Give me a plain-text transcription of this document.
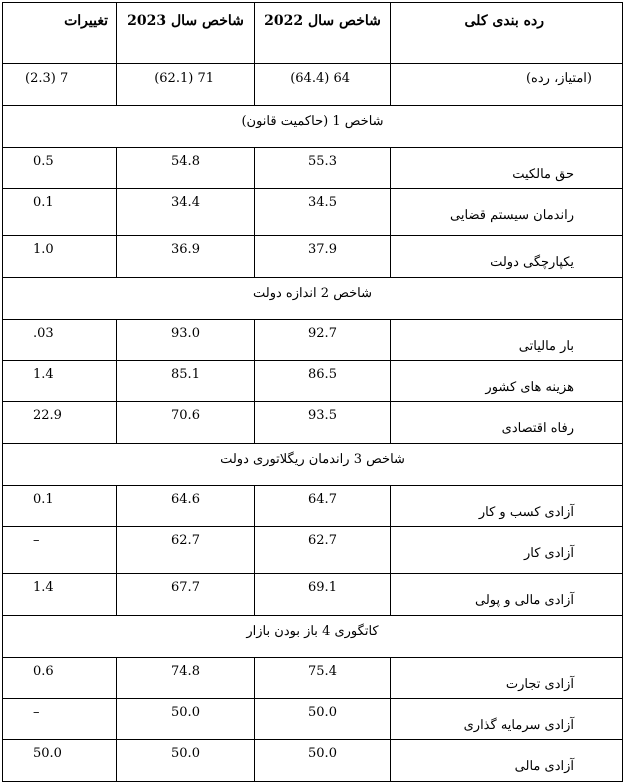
رده بندی کلی	شاخص سال 2022	شاخص سال 2023	تغییرات

(امتیاز، رده)	64 (64.4)	71 (62.1)	7 (2.3)

شاخص 1 (حاکمیت قانون)			

حق مالکیت	55.3	54.8	0.5

راندمان سیستم قضایی	34.5	34.4	0.1

یکپارچگی دولت	37.9	36.9	1.0

شاخص 2 اندازه دولت			

بار مالیاتی	92.7	93.0	03.

هزینه های کشور	86.5	85.1	1.4

رفاه اقتصادی	93.5	70.6	22.9

شاخص 3 راندمان ریگلاتوری دولت			

آزادی کسب و کار	64.7	64.6	0.1

آزادی کار	62.7	62.7	–

آزادی مالی و پولی	69.1	67.7	1.4

کاتگوری 4 باز بودن بازار			

آزادی تجارت	75.4	74.8	0.6

آزادی سرمایه گذاری	50.0	50.0	–

آزادی مالی	50.0	50.0	50.0
